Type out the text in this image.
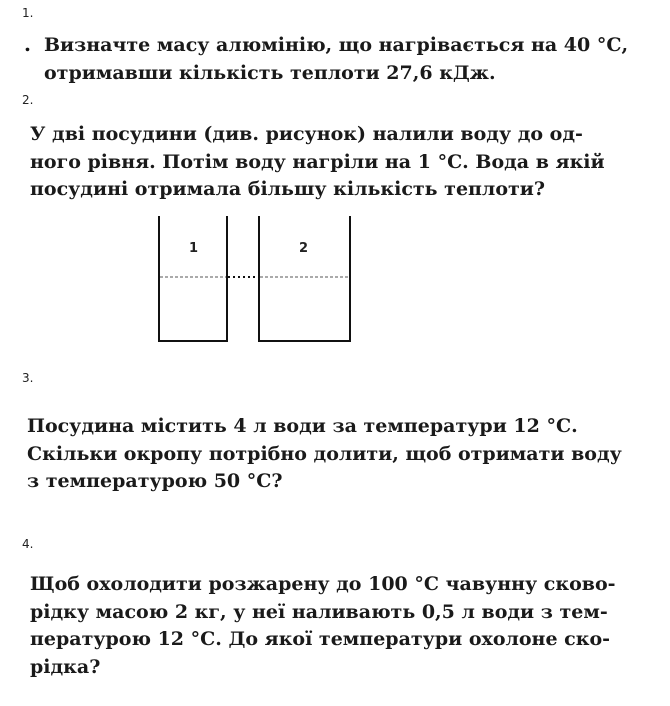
1.
. Визначте масу алюмінію, що нагрівається на 40 °С,
отримавши кількість теплоти 27,6 кДж.
2.
У дві посудини (див. рисунок) налили воду до од-
ного рівня. Потім воду нагріли на 1 °С. Вода в якій
посудині отримала більшу кількість теплоти?
1	2
3.
Посудина містить 4 л води за температури 12 °С.
Скільки окропу потрібно долити, щоб отримати воду
з температурою 50 °С?
4.
Щоб охолодити розжарену до 100 °С чавунну сково-
рідку масою 2 кг, у неї наливають 0,5 л води з тем-
пературою 12 °С. До якої температури охолоне ско-
рідка?
